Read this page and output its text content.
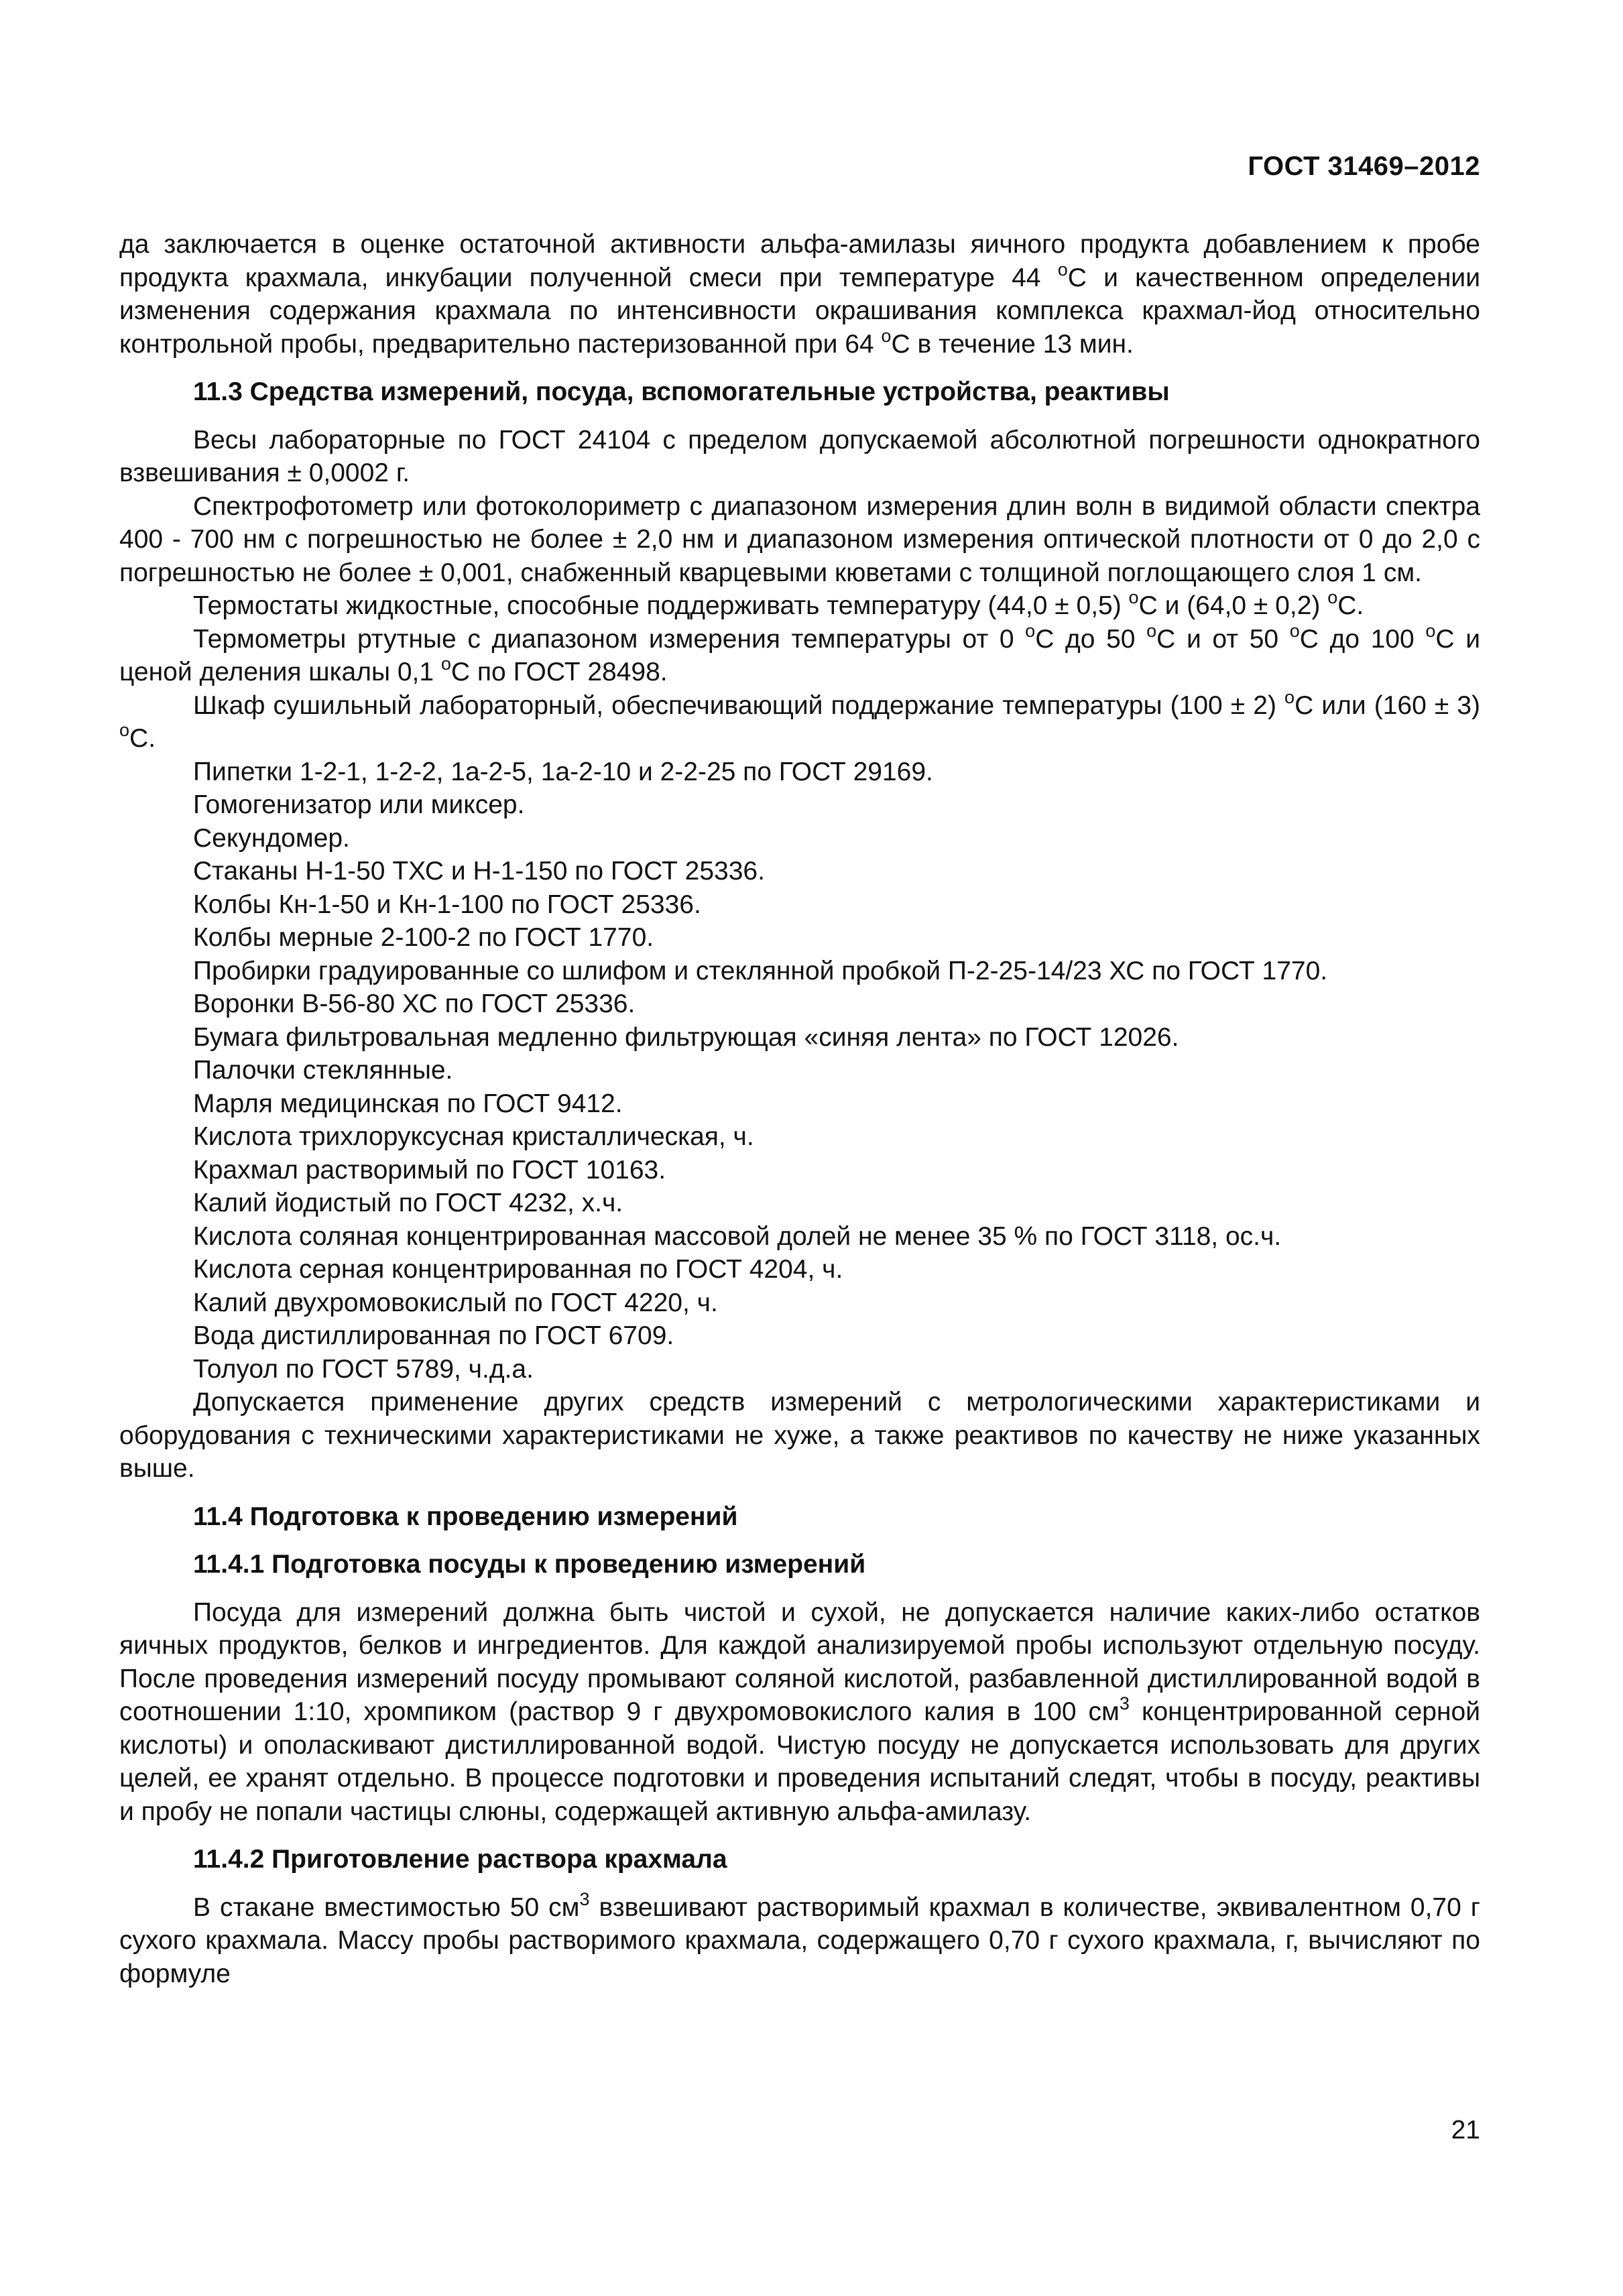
ГОСТ 31469–2012

да заключается в оценке остаточной активности альфа-амилазы яичного продукта добавлением к пробе продукта крахмала, инкубации полученной смеси при температуре 44 $^о$С и качественном определении изменения содержания крахмала по интенсивности окрашивания комплекса крахмал-йод относительно контрольной пробы, предварительно пастеризованной при 64 $^о$С в течение 13 мин.

11.3 Средства измерений, посуда, вспомогательные устройства, реактивы

Весы лабораторные по ГОСТ 24104 с пределом допускаемой абсолютной погрешности однократного взвешивания ± 0,0002 г.

Спектрофотометр или фотоколориметр с диапазоном измерения длин волн в видимой области спектра 400 - 700 нм с погрешностью не более ± 2,0 нм и диапазоном измерения оптической плотности от 0 до 2,0 с погрешностью не более ± 0,001, снабженный кварцевыми кюветами с толщиной поглощающего слоя 1 см.

Термостаты жидкостные, способные поддерживать температуру (44,0 ± 0,5) $^о$С и (64,0 ± 0,2) $^о$С.

Термометры ртутные с диапазоном измерения температуры от 0 $^о$С до 50 $^о$С и от 50 $^о$С до 100 $^о$С и ценой деления шкалы 0,1 $^о$С по ГОСТ 28498.

Шкаф сушильный лабораторный, обеспечивающий поддержание температуры (100 ± 2) $^о$С или (160 ± 3) $^о$С.

Пипетки 1-2-1, 1-2-2, 1а-2-5, 1а-2-10 и 2-2-25 по ГОСТ 29169.

Гомогенизатор или миксер.

Секундомер.

Стаканы Н-1-50 ТХС и Н-1-150 по ГОСТ 25336.

Колбы Кн-1-50 и Кн-1-100 по ГОСТ 25336.

Колбы мерные 2-100-2 по ГОСТ 1770.

Пробирки градуированные со шлифом и стеклянной пробкой П-2-25-14/23 ХС по ГОСТ 1770.

Воронки В-56-80 ХС по ГОСТ 25336.

Бумага фильтровальная медленно фильтрующая «синяя лента» по ГОСТ 12026.

Палочки стеклянные.

Марля медицинская по ГОСТ 9412.

Кислота трихлоруксусная кристаллическая, ч.

Крахмал растворимый по ГОСТ 10163.

Калий йодистый по ГОСТ 4232, х.ч.

Кислота соляная концентрированная массовой долей не менее 35 % по ГОСТ 3118, ос.ч.

Кислота серная концентрированная по ГОСТ 4204, ч.

Калий двухромовокислый по ГОСТ 4220, ч.

Вода дистиллированная по ГОСТ 6709.

Толуол по ГОСТ 5789, ч.д.а.

Допускается применение других средств измерений с метрологическими характеристиками и оборудования с техническими характеристиками не хуже, а также реактивов по качеству не ниже указанных выше.

11.4 Подготовка к проведению измерений
11.4.1 Подготовка посуды к проведению измерений

Посуда для измерений должна быть чистой и сухой, не допускается наличие каких-либо остатков яичных продуктов, белков и ингредиентов. Для каждой анализируемой пробы используют отдельную посуду. После проведения измерений посуду промывают соляной кислотой, разбавленной дистиллированной водой в соотношении 1:10, хромпиком (раствор 9 г двухромовокислого калия в 100 $см^3$ концентрированной серной кислоты) и ополаскивают дистиллированной водой. Чистую посуду не допускается использовать для других целей, ее хранят отдельно. В процессе подготовки и проведения испытаний следят, чтобы в посуду, реактивы и пробу не попали частицы слюны, содержащей активную альфа-амилазу.

11.4.2 Приготовление раствора крахмала

В стакане вместимостью 50 $см^3$ взвешивают растворимый крахмал в количестве, эквивалентном 0,70 г сухого крахмала. Массу пробы растворимого крахмала, содержащего 0,70 г сухого крахмала, г, вычисляют по формуле

21
